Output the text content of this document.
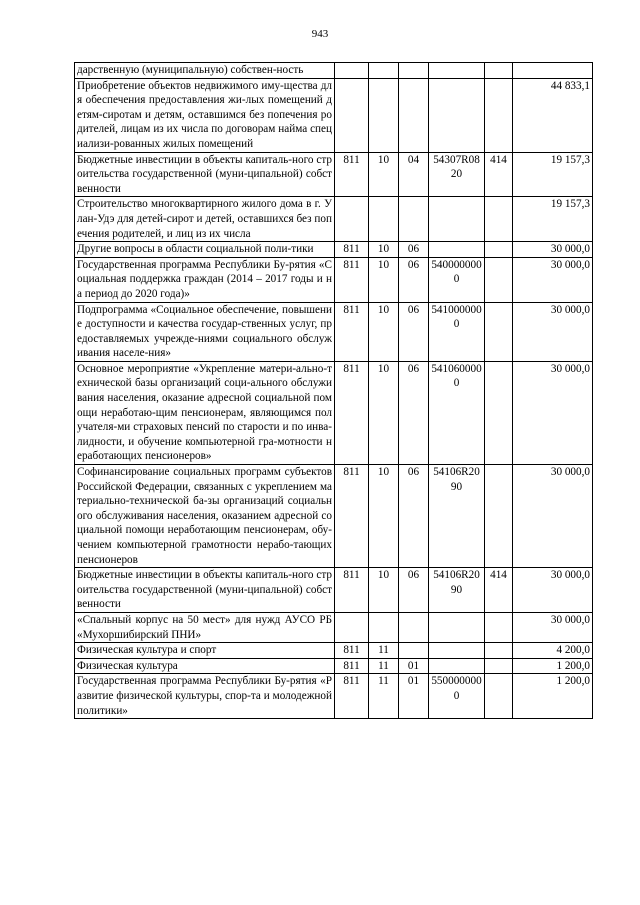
943
дарственную (муниципальную) собствен-ность						
Приобретение объектов недвижимого иму-щества для обеспечения предоставления жи-лых помещений детям-сиротам и детям, оставшимся без попечения родителей, лицам из их числа по договорам найма специализи-рованных жилых помещений						44 833,1
Бюджетные инвестиции в объекты капиталь-ного строительства государственной (муни-ципальной) собственности	811	10	04	54307R0820	414	19 157,3
Строительство многоквартирного жилого дома в г. Улан-Удэ для детей-сирот и детей, оставшихся без попечения родителей, и лиц из их числа						19 157,3
Другие вопросы в области социальной поли-тики	811	10	06			30 000,0
Государственная программа Республики Бу-рятия «Социальная поддержка граждан (2014 – 2017 годы и на период до 2020 года)»	811	10	06	5400000000		30 000,0
Подпрограмма «Социальное обеспечение, повышение доступности и качества государ-ственных услуг, предоставляемых учрежде-ниями социального обслуживания населе-ния»	811	10	06	5410000000		30 000,0
Основное мероприятие «Укрепление матери-ально-технической базы организаций соци-ального обслуживания населения, оказание адресной социальной помощи неработаю-щим пенсионерам, являющимся получателя-ми страховых пенсий по старости и по инва-лидности, и обучение компьютерной гра-мотности неработающих пенсионеров»	811	10	06	5410600000		30 000,0
Софинансирование социальных программ субъектов Российской Федерации, связанных с укреплением материально-технической ба-зы организаций социального обслуживания населения, оказанием адресной социальной помощи неработающим пенсионерам, обу-чением компьютерной грамотности нерабо-тающих пенсионеров	811	10	06	54106R2090		30 000,0
Бюджетные инвестиции в объекты капиталь-ного строительства государственной (муни-ципальной) собственности	811	10	06	54106R2090	414	30 000,0
«Спальный корпус на 50 мест» для нужд АУСО РБ «Мухоршибирский ПНИ»						30 000,0
Физическая культура и спорт	811	11				4 200,0
Физическая культура	811	11	01			1 200,0
Государственная программа Республики Бу-рятия «Развитие физической культуры, спор-та и молодежной политики»	811	11	01	5500000000		1 200,0
